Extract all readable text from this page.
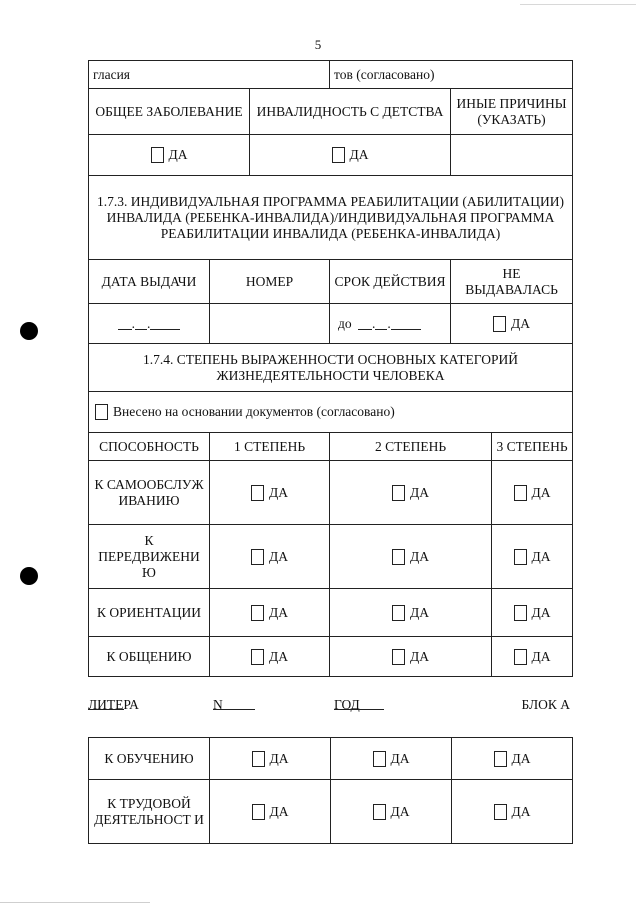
5
гласия			тов (согласовано)		
ОБЩЕЕ ЗАБОЛЕВАНИЕ		ИНВАЛИДНОСТЬ С ДЕТСТВА		ИНЫЕ ПРИЧИНЫ (УКАЗАТЬ)	
ДА		ДА			
1.7.3. ИНДИВИДУАЛЬНАЯ ПРОГРАММА РЕАБИЛИТАЦИИ (АБИЛИТАЦИИ) ИНВАЛИДА (РЕБЕНКА-ИНВАЛИДА)/ИНДИВИДУАЛЬНАЯ ПРОГРАММА РЕАБИЛИТАЦИИ ИНВАЛИДА (РЕБЕНКА-ИНВАЛИДА)					
ДАТА ВЫДАЧИ	НОМЕР		СРОК ДЕЙСТВИЯ	НЕ ВЫДАВАЛАСЬ	
. .			до . .	ДА	
1.7.4. СТЕПЕНЬ ВЫРАЖЕННОСТИ ОСНОВНЫХ КАТЕГОРИЙ ЖИЗНЕДЕЯТЕЛЬНОСТИ ЧЕЛОВЕКА					
Внесено на основании документов (согласовано)					
СПОСОБНОСТЬ	1 СТЕПЕНЬ		2 СТЕПЕНЬ		3 СТЕПЕНЬ
К САМООБСЛУЖ ИВАНИЮ	ДА		ДА		ДА
К ПЕРЕДВИЖЕНИ Ю	ДА		ДА		ДА
К ОРИЕНТАЦИИ	ДА		ДА		ДА
К ОБЩЕНИЮ	ДА		ДА		ДА
ЛИТЕРА	N	ГОД	БЛОК А
К ОБУЧЕНИЮ	ДА	ДА	ДА
К ТРУДОВОЙ ДЕЯТЕЛЬНОСТ И	ДА	ДА	ДА
